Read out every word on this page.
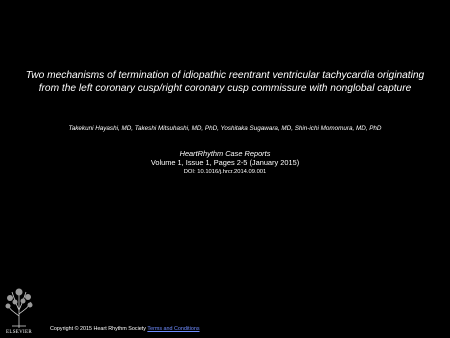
Two mechanisms of termination of idiopathic reentrant ventricular tachycardia originating from the left coronary cusp/right coronary cusp commissure with nonglobal capture
Takekuni Hayashi, MD, Takeshi Mitsuhashi, MD, PhD, Yoshitaka Sugawara, MD, Shin-ichi Momomura, MD, PhD
HeartRhythm Case Reports
Volume 1, Issue 1, Pages 2-5 (January 2015)
DOI: 10.1016/j.hrcr.2014.09.001
ELSEVIER
Copyright © 2015 Heart Rhythm Society Terms and Conditions
